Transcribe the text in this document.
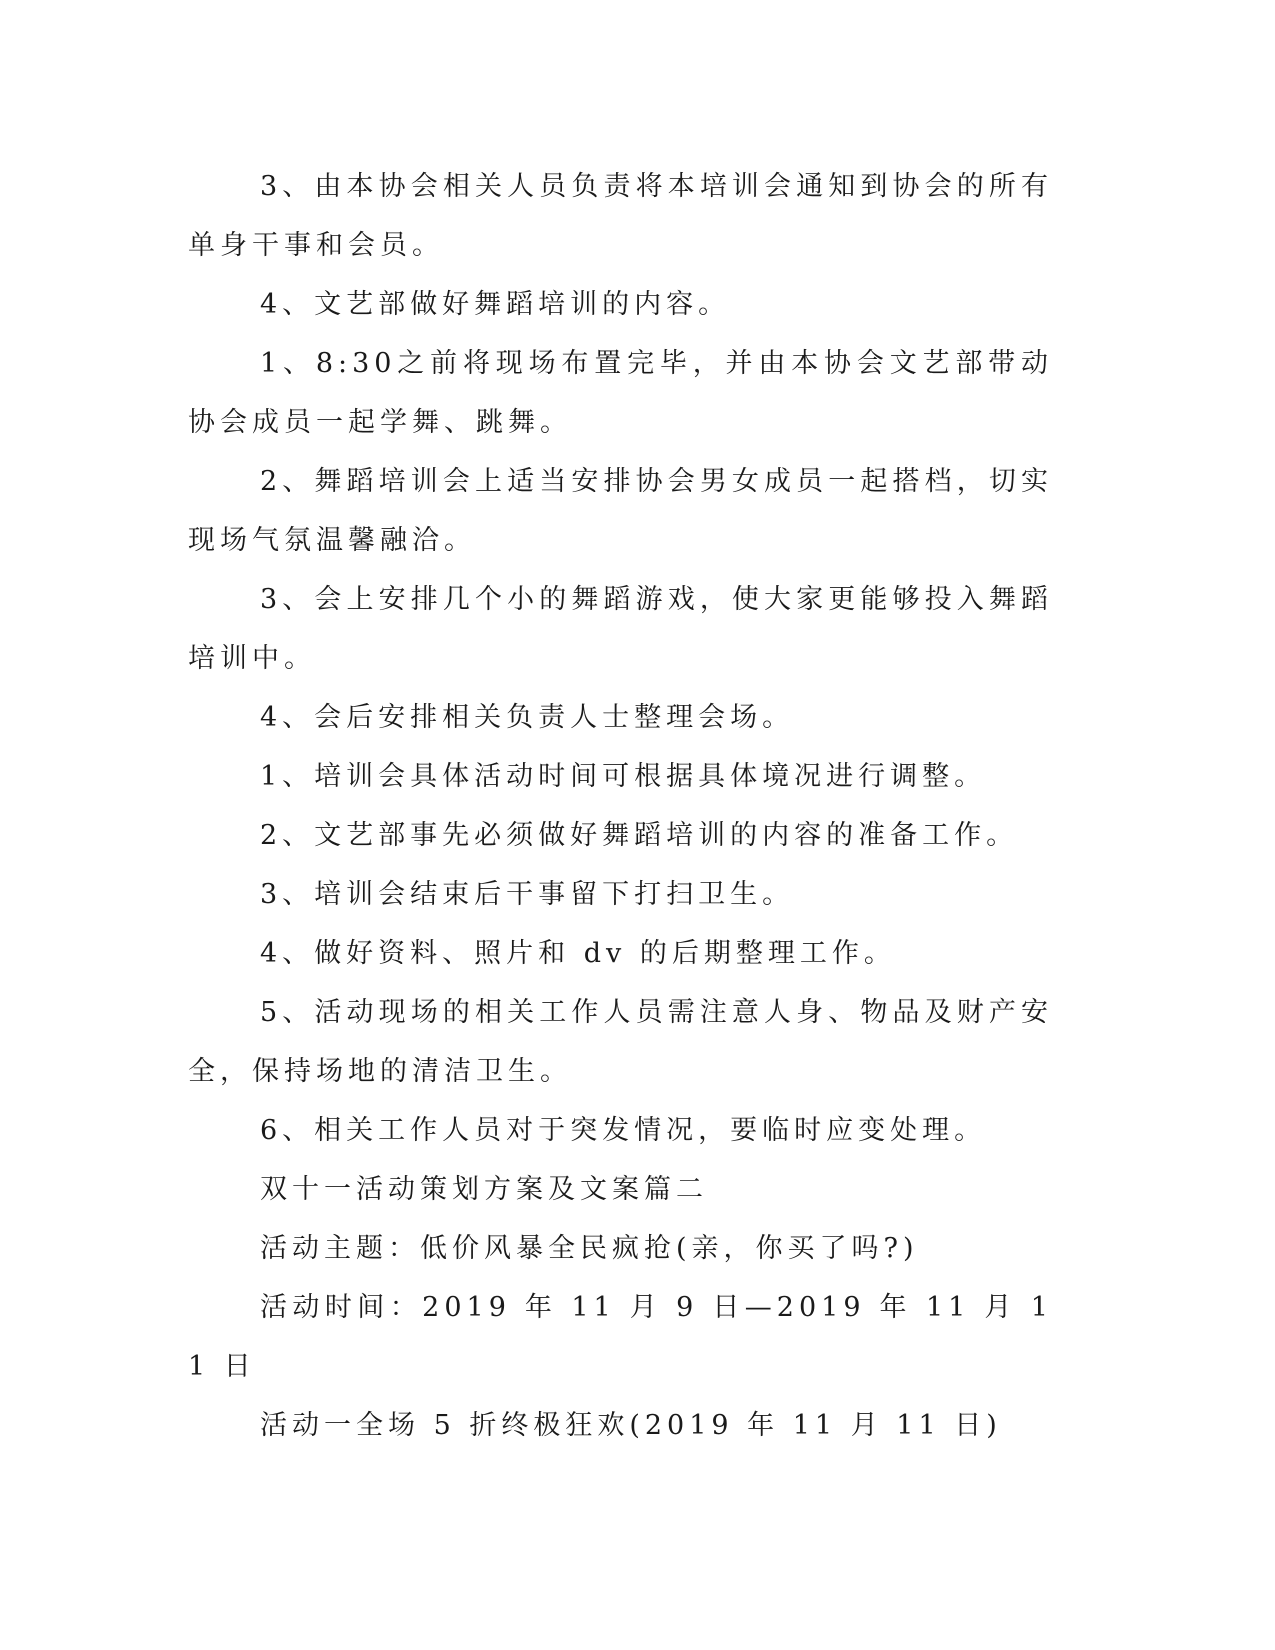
3、由本协会相关人员负责将本培训会通知到协会的所有单身干事和会员。

4、文艺部做好舞蹈培训的内容。

1、8:30之前将现场布置完毕，并由本协会文艺部带动协会成员一起学舞、跳舞。

2、舞蹈培训会上适当安排协会男女成员一起搭档，切实现场气氛温馨融洽。

3、会上安排几个小的舞蹈游戏，使大家更能够投入舞蹈培训中。

4、会后安排相关负责人士整理会场。

1、培训会具体活动时间可根据具体境况进行调整。

2、文艺部事先必须做好舞蹈培训的内容的准备工作。

3、培训会结束后干事留下打扫卫生。

4、做好资料、照片和 dv 的后期整理工作。

5、活动现场的相关工作人员需注意人身、物品及财产安全，保持场地的清洁卫生。

6、相关工作人员对于突发情况，要临时应变处理。

双十一活动策划方案及文案篇二

活动主题：低价风暴全民疯抢(亲，你买了吗?)

活动时间：2019 年 11 月 9 日—2019 年 11 月 11 日

活动一全场 5 折终极狂欢(2019 年 11 月 11 日)
